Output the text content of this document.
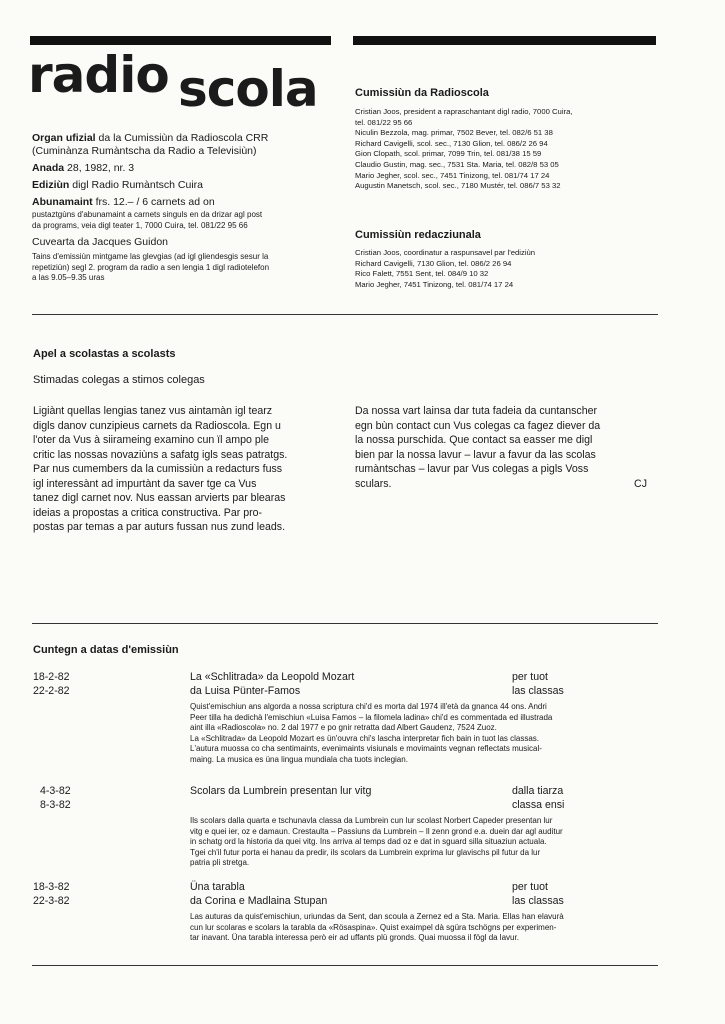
radio scola
Organ ufizial da la Cumissiùn da Radioscola CRR
(Cuminànza Rumàntscha da Radio a Televisiùn)
Anada 28, 1982, nr. 3
Ediziùn digl Radio Rumàntsch Cuira
Abunamaint frs. 12.– / 6 carnets ad on
pustaztgùns d'abunamaint a carnets singuls en da drizar agl post
da programs, veia digl teater 1, 7000 Cuira, tel. 081/22 95 66
Cuvearta da Jacques Guidon
Tains d'emissiùn mintgame las glevgias (ad igl gliendesgis sesur la
repetiziùn) segl 2. program da radio a sen lengia 1 digl radiotelefon
a las 9.05–9.35 uras
Cumissiùn da Radioscola
Cristian Joos, president a rapraschantant digl radio, 7000 Cuira,
tel. 081/22 95 66
Niculin Bezzola, mag. primar, 7502 Bever, tel. 082/6 51 38
Richard Cavigelli, scol. sec., 7130 Glion, tel. 086/2 26 94
Gion Clopath, scol. primar, 7099 Trin, tel. 081/38 15 59
Claudio Gustin, mag. sec., 7531 Sta. Maria, tel. 082/8 53 05
Mario Jegher, scol. sec., 7451 Tinizong, tel. 081/74 17 24
Augustin Manetsch, scol. sec., 7180 Mustér, tel. 086/7 53 32
Cumissiùn redacziunala
Cristian Joos, coordinatur a raspunsavel par l'ediziùn
Richard Cavigelli, 7130 Glion, tel. 086/2 26 94
Rico Falett, 7551 Sent, tel. 084/9 10 32
Mario Jegher, 7451 Tinizong, tel. 081/74 17 24
Apel a scolastas a scolasts
Stimadas colegas a stimos colegas
Ligiànt quellas lengias tanez vus aintamàn igl tearz
digls danov cunzipieus carnets da Radioscola. Egn u
l'oter da Vus à siirameing examino cun ïl ampo ple
critic las nossas novaziùns a safatg igls seas patratgs.
Par nus cumembers da la cumissiùn a redacturs fuss
igl interessànt ad impurtànt da saver tge ca Vus
tanez digl carnet nov. Nus eassan arvierts par blearas
ideias a propostas a critica constructiva. Par pro-
postas par temas a par auturs fussan nus zund leads.
Da nossa vart lainsa dar tuta fadeia da cuntanscher
egn bùn contact cun Vus colegas ca fagez diever da
la nossa purschida. Que contact sa easser me digl
bien par la nossa lavur – lavur a favur da las scolas
rumàntschas – lavur par Vus colegas a pigls Voss
sculars.	CJ
Cuntegn a datas d'emissiùn
18-2-82
22-2-82
La «Schlitrada» da Leopold Mozart
da Luisa Pünter-Famos
per tuot
las classas
Quist'emischiun ans algorda a nossa scriptura chi'd es morta dal 1974 ill'età da gnanca 44 ons. Andri
Peer tilla ha dedichà l'emischiun «Luisa Famos – la filomela ladina» chi'd es commentada ed illustrada
aint illa «Radioscola» no. 2 dal 1977 e po gnir retratta dad Albert Gaudenz, 7524 Zuoz.
La «Schlitrada» da Leopold Mozart es ün'ouvra chi's lascha interpretar fich bain in tuot las classas.
L'autura muossa co cha sentimaints, evenimaints visiunals e movimaints vegnan reflectats musical-
maing. La musica es üna lingua mundiala cha tuots inclegian.
4-3-82
8-3-82
Scolars da Lumbrein presentan lur vitg	dalla tiarza
classa ensi
Ils scolars dalla quarta e tschunavla classa da Lumbrein cun lur scolast Norbert Capeder presentan lur
vitg e quei ier, oz e damaun. Crestaulta – Passiuns da Lumbrein – Il zenn grond e.a. duein dar agl auditur
in schatg ord la historia da quei vitg. Ins arriva al temps dad oz e dat in sguard silla situaziun actuala.
Tgei ch'il futur porta ei hanau da predir, ils scolars da Lumbrein exprima lur glavischs pil futur da lur
patria pli stretga.
18-3-82
22-3-82
Üna tarabla
da Corina e Madlaina Stupan
per tuot
las classas
Las auturas da quist'emischiun, uriundas da Sent, dan scoula a Zernez ed a Sta. Maria. Ellas han elavurà
cun lur scolaras e scolars la tarabla da «Rösaspina». Quist exaimpel dà sgüra tschögns per experimen-
tar inavant. Üna tarabla interessa però eir ad uffants plü gronds. Quai muossa il fögl da lavur.
